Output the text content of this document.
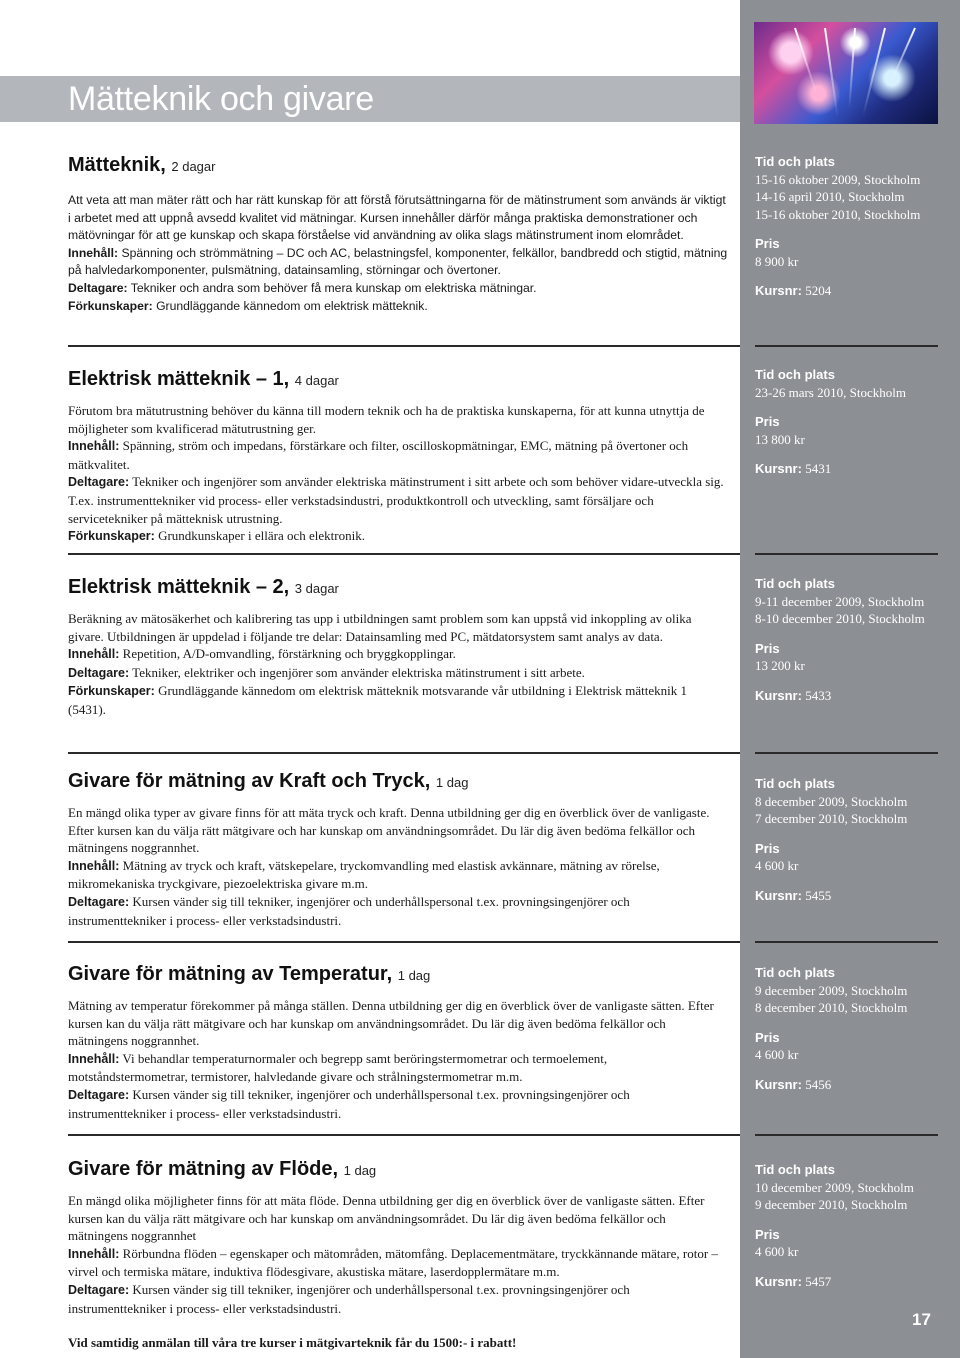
Mätteknik och givare
Mätteknik, 2 dagar

Att veta att man mäter rätt och har rätt kunskap för att förstå förutsättningarna för de mätinstrument som används är viktigt i arbetet med att uppnå avsedd kvalitet vid mätningar. Kursen innehåller därför många praktiska demonstrationer och mätövningar för att ge kunskap och skapa förståelse vid användning av olika slags mätinstrument inom elområdet.

Innehåll: Spänning och strömmätning – DC och AC, belastningsfel, komponenter, felkällor, bandbredd och stigtid, mätning på halvledarkomponenter, pulsmätning, datainsamling, störningar och övertoner.

Deltagare: Tekniker och andra som behöver få mera kunskap om elektriska mätningar.

Förkunskaper: Grundläggande kännedom om elektrisk mätteknik.

Tid och plats
15-16 oktober 2009, Stockholm
14-16 april 2010, Stockholm
15-16 oktober 2010, Stockholm
Pris
8 900 kr
Kursnr: 5204
Elektrisk mätteknik – 1, 4 dagar

Förutom bra mätutrustning behöver du känna till modern teknik och ha de praktiska kunskaperna, för att kunna utnyttja de möjligheter som kvalificerad mätutrustning ger.

Innehåll: Spänning, ström och impedans, förstärkare och filter, oscilloskopmätningar, EMC, mätning på övertoner och mätkvalitet.

Deltagare: Tekniker och ingenjörer som använder elektriska mätinstrument i sitt arbete och som behöver vidare-utveckla sig. T.ex. instrumenttekniker vid process- eller verkstadsindustri, produktkontroll och utveckling, samt försäljare och servicetekniker på mätteknisk utrustning.

Förkunskaper: Grundkunskaper i ellära och elektronik.

Tid och plats
23-26 mars 2010, Stockholm
Pris
13 800 kr
Kursnr: 5431
Elektrisk mätteknik – 2, 3 dagar

Beräkning av mätosäkerhet och kalibrering tas upp i utbildningen samt problem som kan uppstå vid inkoppling av olika givare. Utbildningen är uppdelad i följande tre delar: Datainsamling med PC, mätdatorsystem samt analys av data.

Innehåll: Repetition, A/D-omvandling, förstärkning och bryggkopplingar.

Deltagare: Tekniker, elektriker och ingenjörer som använder elektriska mätinstrument i sitt arbete.

Förkunskaper: Grundläggande kännedom om elektrisk mätteknik motsvarande vår utbildning i Elektrisk mätteknik 1 (5431).

Tid och plats
9-11 december 2009, Stockholm
8-10 december 2010, Stockholm
Pris
13 200 kr
Kursnr: 5433
Givare för mätning av Kraft och Tryck, 1 dag

En mängd olika typer av givare finns för att mäta tryck och kraft. Denna utbildning ger dig en överblick över de vanligaste. Efter kursen kan du välja rätt mätgivare och har kunskap om användningsområdet. Du lär dig även bedöma felkällor och mätningens noggrannhet.

Innehåll: Mätning av tryck och kraft, vätskepelare, tryckomvandling med elastisk avkännare, mätning av rörelse, mikromekaniska tryckgivare, piezoelektriska givare m.m.

Deltagare: Kursen vänder sig till tekniker, ingenjörer och underhållspersonal t.ex. provningsingenjörer och instrumenttekniker i process- eller verkstadsindustri.

Tid och plats
8 december 2009, Stockholm
7 december 2010, Stockholm
Pris
4 600 kr
Kursnr: 5455
Givare för mätning av Temperatur, 1 dag

Mätning av temperatur förekommer på många ställen. Denna utbildning ger dig en överblick över de vanligaste sätten. Efter kursen kan du välja rätt mätgivare och har kunskap om användningsområdet. Du lär dig även bedöma felkällor och mätningens noggrannhet.

Innehåll: Vi behandlar temperaturnormaler och begrepp samt beröringstermometrar och termoelement, motståndstermometrar, termistorer, halvledande givare och strålningstermometrar m.m.

Deltagare: Kursen vänder sig till tekniker, ingenjörer och underhållspersonal t.ex. provningsingenjörer och instrumenttekniker i process- eller verkstadsindustri.

Tid och plats
9 december 2009, Stockholm
8 december 2010, Stockholm
Pris
4 600 kr
Kursnr: 5456
Givare för mätning av Flöde, 1 dag

En mängd olika möjligheter finns för att mäta flöde. Denna utbildning ger dig en överblick över de vanligaste sätten. Efter kursen kan du välja rätt mätgivare och har kunskap om användningsområdet. Du lär dig även bedöma felkällor och mätningens noggrannhet

Innehåll: Rörbundna flöden – egenskaper och mätområden, mätomfång. Deplacementmätare, tryckkännande mätare, rotor – virvel och termiska mätare, induktiva flödesgivare, akustiska mätare, laserdopplermätare m.m.

Deltagare: Kursen vänder sig till tekniker, ingenjörer och underhållspersonal t.ex. provningsingenjörer och instrumenttekniker i process- eller verkstadsindustri.

Tid och plats
10 december 2009, Stockholm
9 december 2010, Stockholm
Pris
4 600 kr
Kursnr: 5457

Vid samtidig anmälan till våra tre kurser i mätgivarteknik får du 1500:- i rabatt!

17
